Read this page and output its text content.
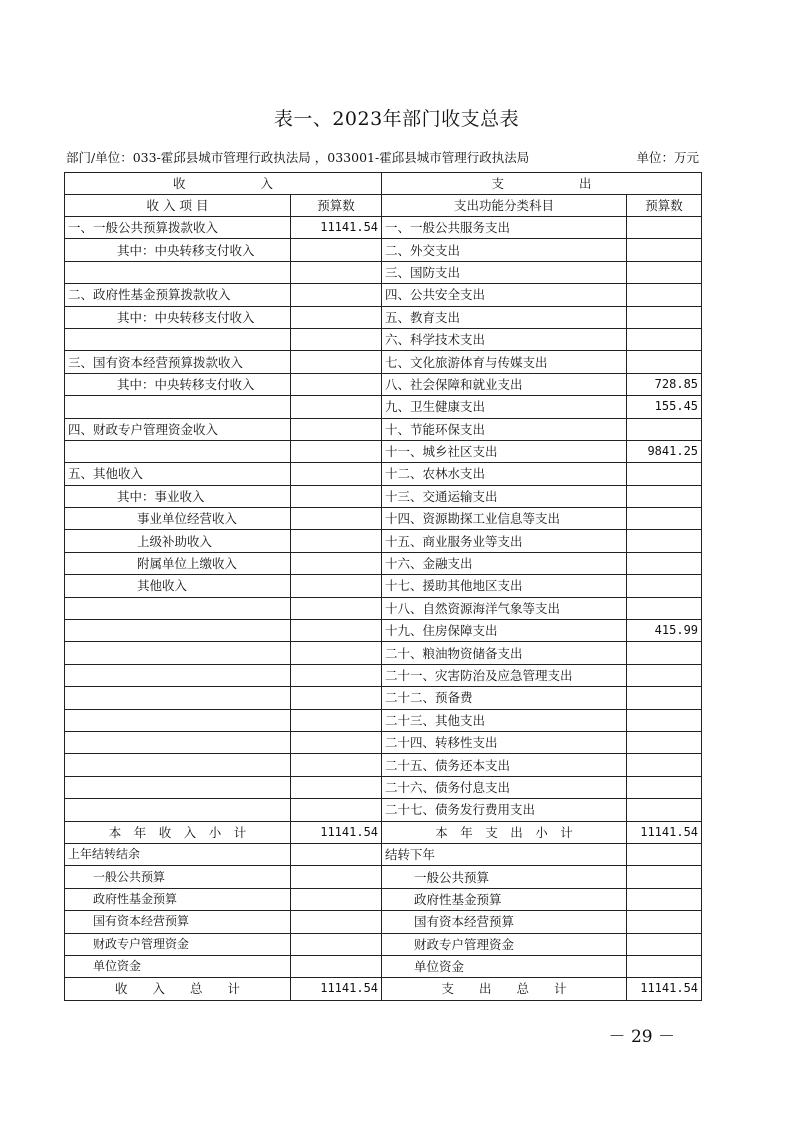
表一、2023年部门收支总表
部门/单位：033-霍邱县城市管理行政执法局 ，033001-霍邱县城市管理行政执法局	单位：万元
收　　　　　　入		支　　　　　　出	
收 入 项 目	预算数	支出功能分类科目	预算数
一、一般公共预算拨款收入	11141.54	一、一般公共服务支出	
其中：中央转移支付收入		二、外交支出	
		三、国防支出	
二、政府性基金预算拨款收入		四、公共安全支出	
其中：中央转移支付收入		五、教育支出	
		六、科学技术支出	
三、国有资本经营预算拨款收入		七、文化旅游体育与传媒支出	
其中：中央转移支付收入		八、社会保障和就业支出	728.85
		九、卫生健康支出	155.45
四、财政专户管理资金收入		十、节能环保支出	
		十一、城乡社区支出	9841.25
五、其他收入		十二、农林水支出	
其中：事业收入		十三、交通运输支出	
事业单位经营收入		十四、资源勘探工业信息等支出	
上级补助收入		十五、商业服务业等支出	
附属单位上缴收入		十六、金融支出	
其他收入		十七、援助其他地区支出	
		十八、自然资源海洋气象等支出	
		十九、住房保障支出	415.99
		二十、粮油物资储备支出	
		二十一、灾害防治及应急管理支出	
		二十二、预备费	
		二十三、其他支出	
		二十四、转移性支出	
		二十五、债务还本支出	
		二十六、债务付息支出	
		二十七、债务发行费用支出	
本　年　收　入　小　计	11141.54	本　年　支　出　小　计	11141.54
上年结转结余		结转下年	
一般公共预算		一般公共预算	
政府性基金预算		政府性基金预算	
国有资本经营预算		国有资本经营预算	
财政专户管理资金		财政专户管理资金	
单位资金		单位资金	
收　　入　　总　　计	11141.54	支　　出　　总　　计	11141.54
－ 29 －
